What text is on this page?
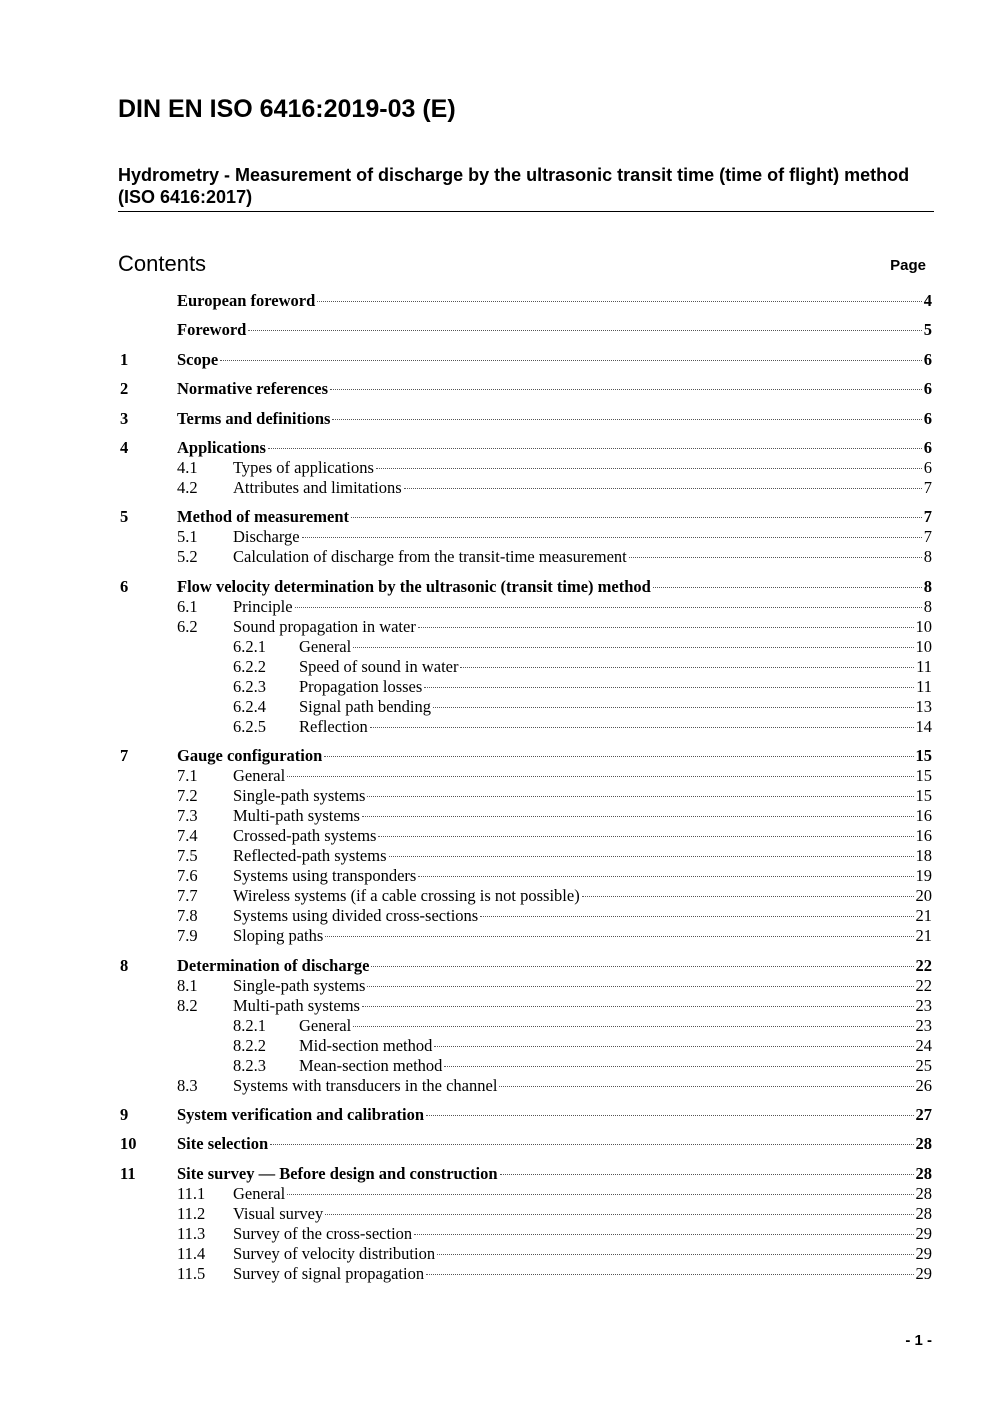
DIN EN ISO 6416:2019-03 (E)
Hydrometry - Measurement of discharge by the ultrasonic transit time (time of flight) method (ISO 6416:2017)
Contents	Page
European foreword	4
Foreword	5
1	Scope	6
2	Normative references	6
3	Terms and definitions	6
4	Applications	6
4.1	Types of applications	6
4.2	Attributes and limitations	7
5	Method of measurement	7
5.1	Discharge	7
5.2	Calculation of discharge from the transit-time measurement	8
6	Flow velocity determination by the ultrasonic (transit time) method	8
6.1	Principle	8
6.2	Sound propagation in water	10
6.2.1	General	10
6.2.2	Speed of sound in water	11
6.2.3	Propagation losses	11
6.2.4	Signal path bending	13
6.2.5	Reflection	14
7	Gauge configuration	15
7.1	General	15
7.2	Single-path systems	15
7.3	Multi-path systems	16
7.4	Crossed-path systems	16
7.5	Reflected-path systems	18
7.6	Systems using transponders	19
7.7	Wireless systems (if a cable crossing is not possible)	20
7.8	Systems using divided cross-sections	21
7.9	Sloping paths	21
8	Determination of discharge	22
8.1	Single-path systems	22
8.2	Multi-path systems	23
8.2.1	General	23
8.2.2	Mid-section method	24
8.2.3	Mean-section method	25
8.3	Systems with transducers in the channel	26
9	System verification and calibration	27
10	Site selection	28
11	Site survey — Before design and construction	28
11.1	General	28
11.2	Visual survey	28
11.3	Survey of the cross-section	29
11.4	Survey of velocity distribution	29
11.5	Survey of signal propagation	29
- 1 -
